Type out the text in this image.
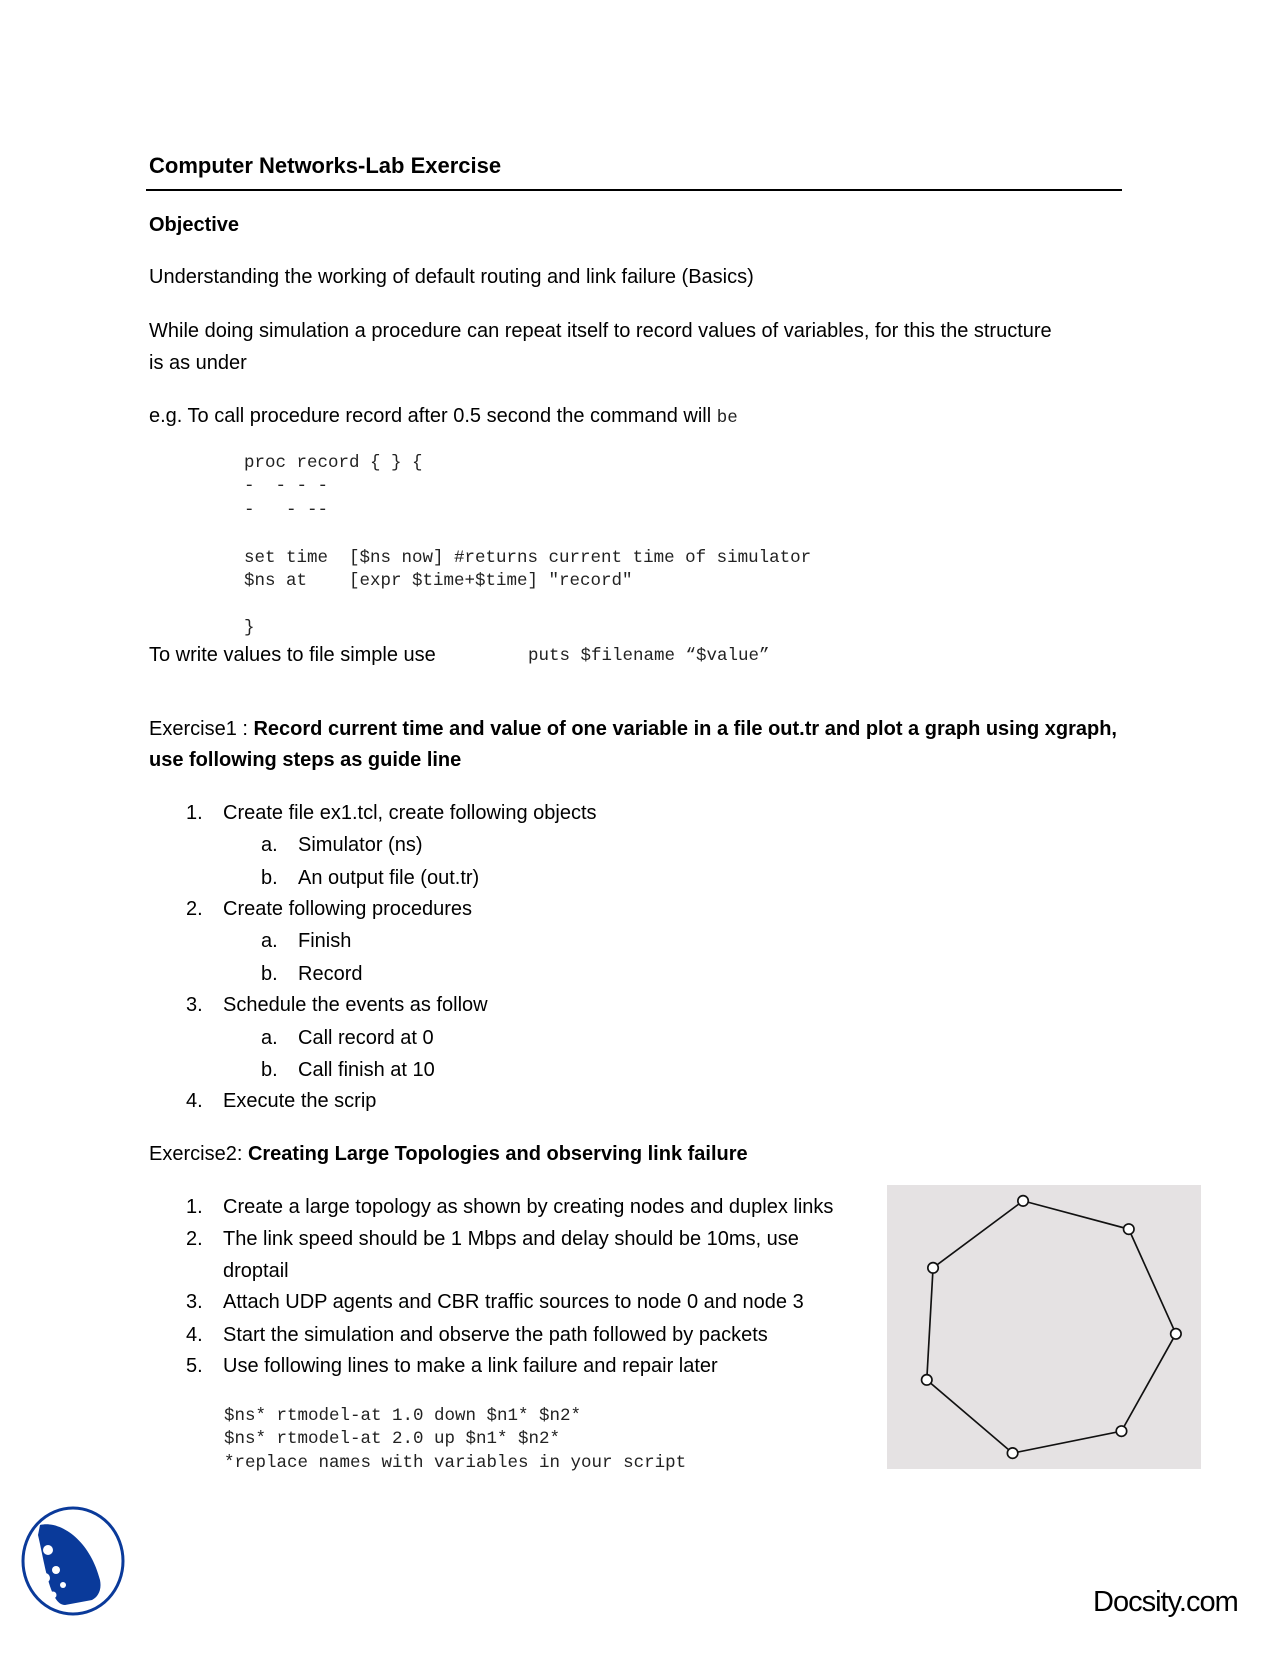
Computer Networks-Lab Exercise
Objective
Understanding the working of default routing and link failure (Basics)
While doing simulation a procedure can repeat itself to record values of variables, for this the structure
is as under
e.g. To call procedure record after 0.5 second the command will be
proc record { } {
-  - - -
-   - --
set time  [$ns now] #returns current time of simulator
$ns at    [expr $time+$time] "record"
}
To write values to file simple use	puts $filename “$value”
Exercise1 : Record current time and value of one variable in a file out.tr and plot a graph using xgraph,
use following steps as guide line
1. Create file ex1.tcl, create following objects
a. Simulator (ns)
b. An output file (out.tr)
2. Create following procedures
a. Finish
b. Record
3. Schedule the events as follow
a. Call record at 0
b. Call finish at 10
4. Execute the scrip
Exercise2: Creating Large Topologies and observing link failure
1. Create a large topology as shown by creating nodes and duplex links
2. The link speed should be 1 Mbps and delay should be 10ms, use
droptail
3. Attach UDP agents and CBR traffic sources to node 0 and node 3
4. Start the simulation and observe the path followed by packets
5. Use following lines to make a link failure and repair later
$ns* rtmodel-at 1.0 down $n1* $n2*
$ns* rtmodel-at 2.0 up $n1* $n2*
*replace names with variables in your script
Docsity.com
